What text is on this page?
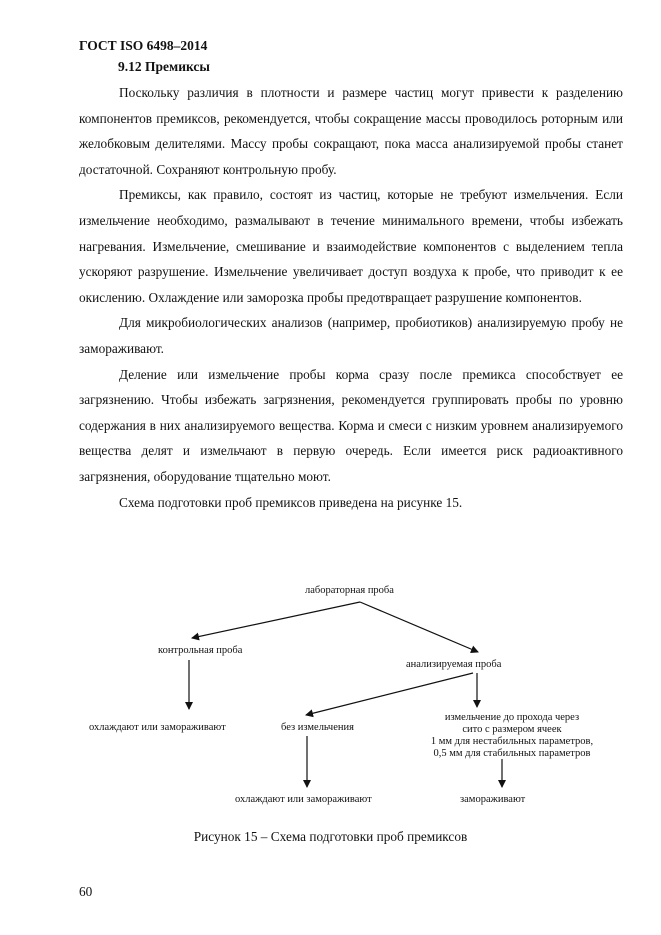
ГОСТ ISO 6498–2014
9.12 Премиксы

Поскольку различия в плотности и размере частиц могут привести к разделению компонентов премиксов, рекомендуется, чтобы сокращение массы проводилось роторным или желобковым делителями. Массу пробы сокращают, пока масса анализируемой пробы станет достаточной. Сохраняют контрольную пробу.

Премиксы, как правило, состоят из частиц, которые не требуют измельчения. Если измельчение необходимо, размалывают в течение минимального времени, чтобы избежать нагревания. Измельчение, смешивание и взаимодействие компонентов с выделением тепла ускоряют разрушение. Измельчение увеличивает доступ воздуха к пробе, что приводит к ее окислению. Охлаждение или заморозка пробы предотвращает разрушение компонентов.

Для микробиологических анализов (например, пробиотиков) анализируемую пробу не замораживают.

Деление или измельчение пробы корма сразу после премикса способствует ее загрязнению. Чтобы избежать загрязнения, рекомендуется группировать пробы по уровню содержания в них анализируемого вещества. Корма и смеси с низким уровнем анализируемого вещества делят и измельчают в первую очередь. Если имеется риск радиоактивного загрязнения, оборудование тщательно моют.

Схема подготовки проб премиксов приведена на рисунке 15.

лабораторная проба
контрольная проба
анализируемая проба
охлаждают или замораживают	без измельчения
измельчение до прохода через
сито с размером ячеек
1 мм для нестабильных параметров,
0,5 мм для стабильных параметров
охлаждают или замораживают	замораживают
Рисунок 15 – Схема подготовки проб премиксов
60
